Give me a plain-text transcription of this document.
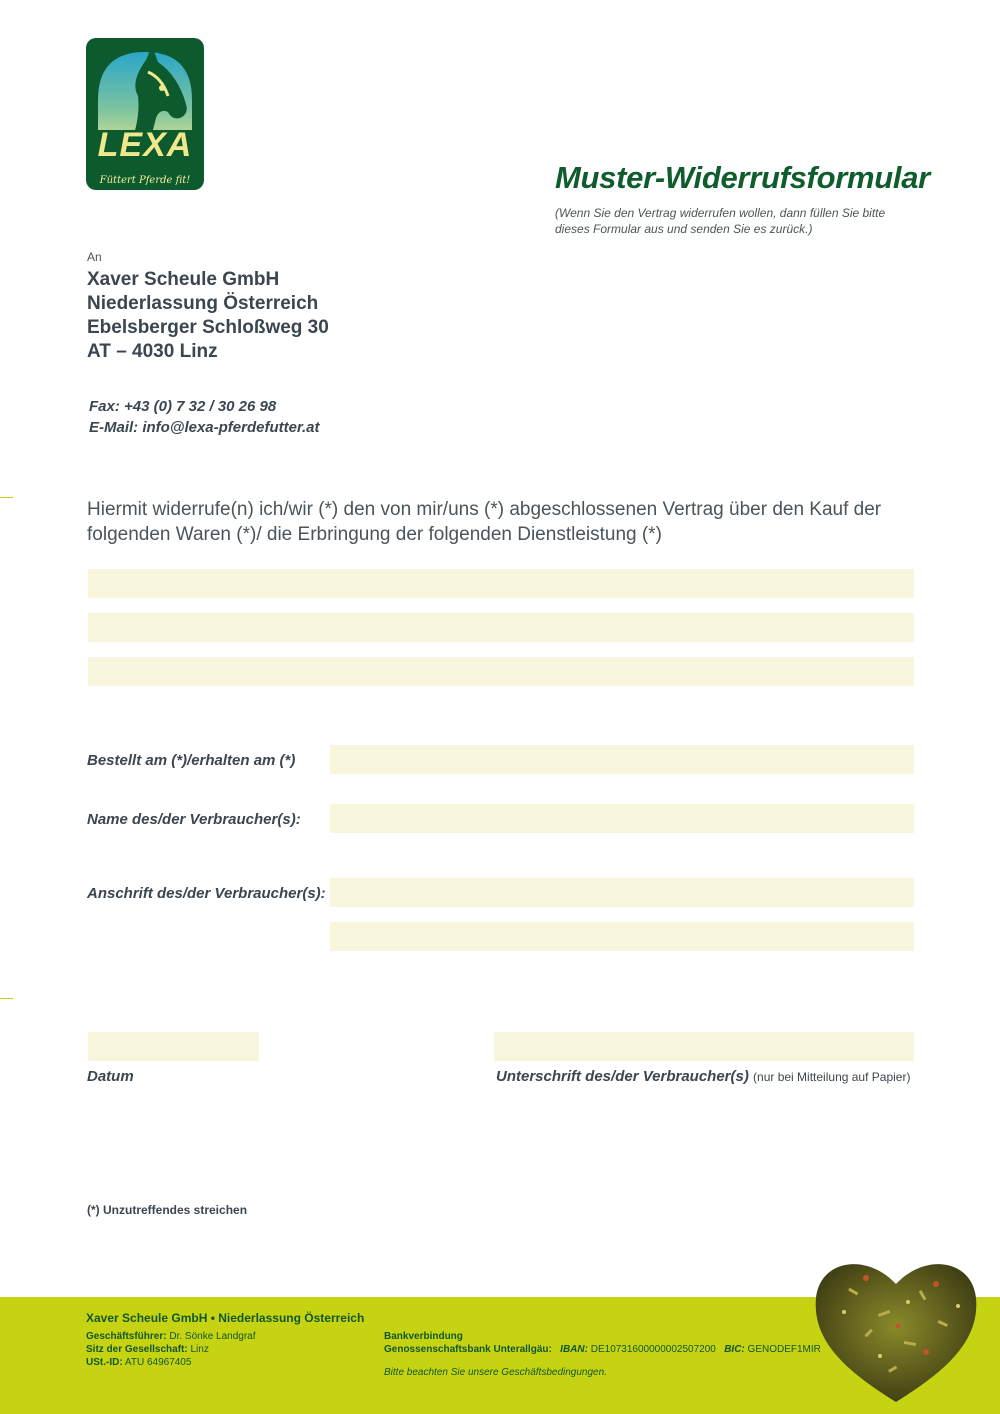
LEXA
Füttert Pferde fit!	Muster-Widerrufsformular
(Wenn Sie den Vertrag widerrufen wollen, dann füllen Sie bitte
dieses Formular aus und senden Sie es zurück.)
An
Xaver Scheule GmbH
Niederlassung Österreich
Ebelsberger Schloßweg 30
AT – 4030 Linz
Fax: +43 (0) 7 32 / 30 26 98
E-Mail: info@lexa-pferdefutter.at
Hiermit widerrufe(n) ich/wir (*) den von mir/uns (*) abgeschlossenen Vertrag über den Kauf der
folgenden Waren (*)/ die Erbringung der folgenden Dienstleistung (*)
Bestellt am (*)/erhalten am (*)
Name des/der Verbraucher(s):
Anschrift des/der Verbraucher(s):
Datum	Unterschrift des/der Verbraucher(s) (nur bei Mitteilung auf Papier)
(*) Unzutreffendes streichen
Xaver Scheule GmbH • Niederlassung Österreich
Geschäftsführer: Dr. Sönke Landgraf
Sitz der Gesellschaft: Linz
USt.-ID: ATU 64967405
Bankverbindung
Genossenschaftsbank Unterallgäu: IBAN: DE10731600000002507200 BIC: GENODEF1MIR
Bitte beachten Sie unsere Geschäftsbedingungen.
